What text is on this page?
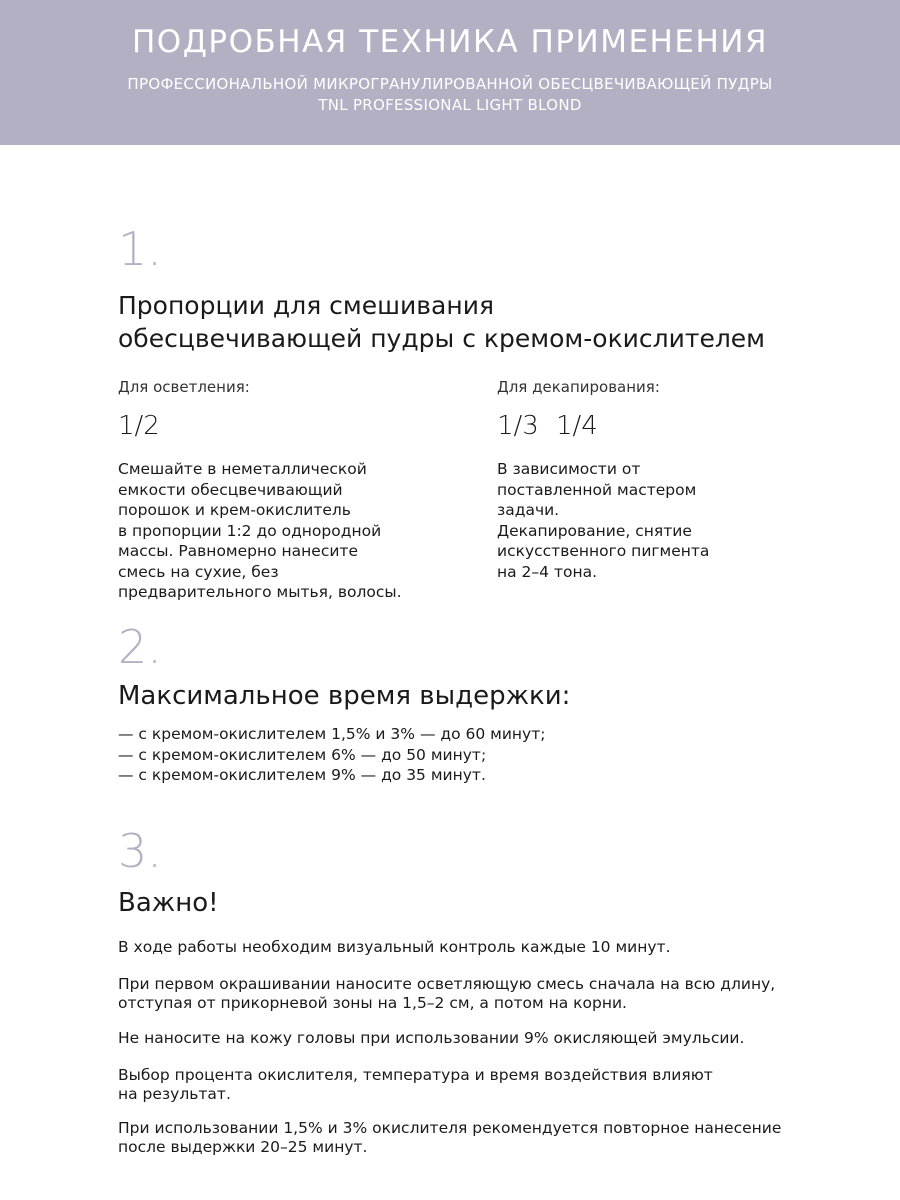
ПОДРОБНАЯ ТЕХНИКА ПРИМЕНЕНИЯ
ПРОФЕССИОНАЛЬНОЙ МИКРОГРАНУЛИРОВАННОЙ ОБЕСЦВЕЧИВАЮЩЕЙ ПУДРЫ
TNL PROFESSIONAL LIGHT BLOND
1.
Пропорции для смешивания
обесцвечивающей пудры с кремом-окислителем
Для осветления:
1/2
Смешайте в неметаллической
емкости обесцвечивающий
порошок и крем-окислитель
в пропорции 1:2 до однородной
массы. Равномерно нанесите
смесь на сухие, без
предварительного мытья, волосы.
Для декапирования:
1/3 1/4
В зависимости от
поставленной мастером
задачи.
Декапирование, снятие
искусственного пигмента
на 2–4 тона.
2.
Максимальное время выдержки:
— с кремом-окислителем 1,5% и 3% — до 60 минут;
— с кремом-окислителем 6% — до 50 минут;
— с кремом-окислителем 9% — до 35 минут.
3.
Важно!
В ходе работы необходим визуальный контроль каждые 10 минут.
При первом окрашивании наносите осветляющую смесь сначала на всю длину,
отступая от прикорневой зоны на 1,5–2 см, а потом на корни.
Не наносите на кожу головы при использовании 9% окисляющей эмульсии.
Выбор процента окислителя, температура и время воздействия влияют
на результат.
При использовании 1,5% и 3% окислителя рекомендуется повторное нанесение
после выдержки 20–25 минут.
